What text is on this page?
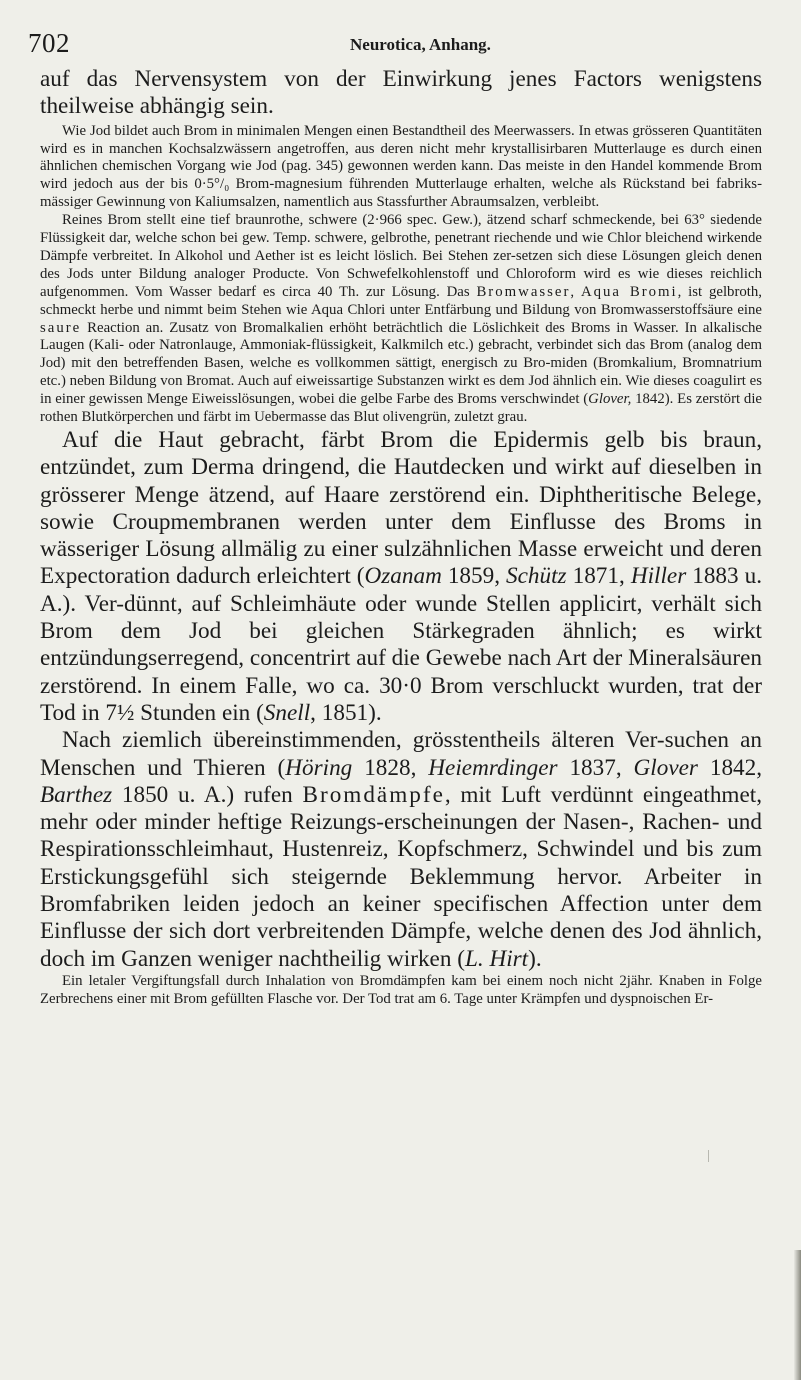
702	Neurotica, Anhang.

auf das Nervensystem von der Einwirkung jenes Factors wenigstens theilweise abhängig sein.

Wie Jod bildet auch Brom in minimalen Mengen einen Bestandtheil des Meerwassers. In etwas grösseren Quantitäten wird es in manchen Kochsalzwässern angetroffen, aus deren nicht mehr krystallisirbaren Mutterlauge es durch einen ähnlichen chemischen Vorgang wie Jod (pag. 345) gewonnen werden kann. Das meiste in den Handel kommende Brom wird jedoch aus der bis 0·5°/₀ Brom-magnesium führenden Mutterlauge erhalten, welche als Rückstand bei fabriks-mässiger Gewinnung von Kaliumsalzen, namentlich aus Stassfurther Abraumsalzen, verbleibt.

Reines Brom stellt eine tief braunrothe, schwere (2·966 spec. Gew.), ätzend scharf schmeckende, bei 63° siedende Flüssigkeit dar, welche schon bei gew. Temp. schwere, gelbrothe, penetrant riechende und wie Chlor bleichend wirkende Dämpfe verbreitet. In Alkohol und Aether ist es leicht löslich. Bei Stehen zer-setzen sich diese Lösungen gleich denen des Jods unter Bildung analoger Producte. Von Schwefelkohlenstoff und Chloroform wird es wie dieses reichlich aufgenommen. Vom Wasser bedarf es circa 40 Th. zur Lösung. Das Bromwasser, Aqua Bromi, ist gelbroth, schmeckt herbe und nimmt beim Stehen wie Aqua Chlori unter Entfärbung und Bildung von Bromwasserstoffsäure eine saure Reaction an. Zusatz von Bromalkalien erhöht beträchtlich die Löslichkeit des Broms in Wasser. In alkalische Laugen (Kali- oder Natronlauge, Ammoniak-flüssigkeit, Kalkmilch etc.) gebracht, verbindet sich das Brom (analog dem Jod) mit den betreffenden Basen, welche es vollkommen sättigt, energisch zu Bro-miden (Bromkalium, Bromnatrium etc.) neben Bildung von Bromat. Auch auf eiweissartige Substanzen wirkt es dem Jod ähnlich ein. Wie dieses coagulirt es in einer gewissen Menge Eiweisslösungen, wobei die gelbe Farbe des Broms verschwindet (Glover, 1842). Es zerstört die rothen Blutkörperchen und färbt im Uebermasse das Blut olivengrün, zuletzt grau.

Auf die Haut gebracht, färbt Brom die Epidermis gelb bis braun, entzündet, zum Derma dringend, die Hautdecken und wirkt auf dieselben in grösserer Menge ätzend, auf Haare zerstörend ein. Diphtheritische Belege, sowie Croupmembranen werden unter dem Einflusse des Broms in wässeriger Lösung allmälig zu einer sulzähnlichen Masse erweicht und deren Expectoration dadurch erleichtert (Ozanam 1859, Schütz 1871, Hiller 1883 u. A.). Ver-dünnt, auf Schleimhäute oder wunde Stellen applicirt, verhält sich Brom dem Jod bei gleichen Stärkegraden ähnlich; es wirkt entzündungserregend, concentrirt auf die Gewebe nach Art der Mineralsäuren zerstörend. In einem Falle, wo ca. 30·0 Brom verschluckt wurden, trat der Tod in 7½ Stunden ein (Snell, 1851).

Nach ziemlich übereinstimmenden, grösstentheils älteren Ver-suchen an Menschen und Thieren (Höring 1828, Heiemrdinger 1837, Glover 1842, Barthez 1850 u. A.) rufen Bromdämpfe, mit Luft verdünnt eingeathmet, mehr oder minder heftige Reizungs-erscheinungen der Nasen-, Rachen- und Respirationsschleimhaut, Hustenreiz, Kopfschmerz, Schwindel und bis zum Erstickungsgefühl sich steigernde Beklemmung hervor. Arbeiter in Bromfabriken leiden jedoch an keiner specifischen Affection unter dem Einflusse der sich dort verbreitenden Dämpfe, welche denen des Jod ähnlich, doch im Ganzen weniger nachtheilig wirken (L. Hirt).

Ein letaler Vergiftungsfall durch Inhalation von Bromdämpfen kam bei einem noch nicht 2jähr. Knaben in Folge Zerbrechens einer mit Brom gefüllten Flasche vor. Der Tod trat am 6. Tage unter Krämpfen und dyspnoischen Er-
